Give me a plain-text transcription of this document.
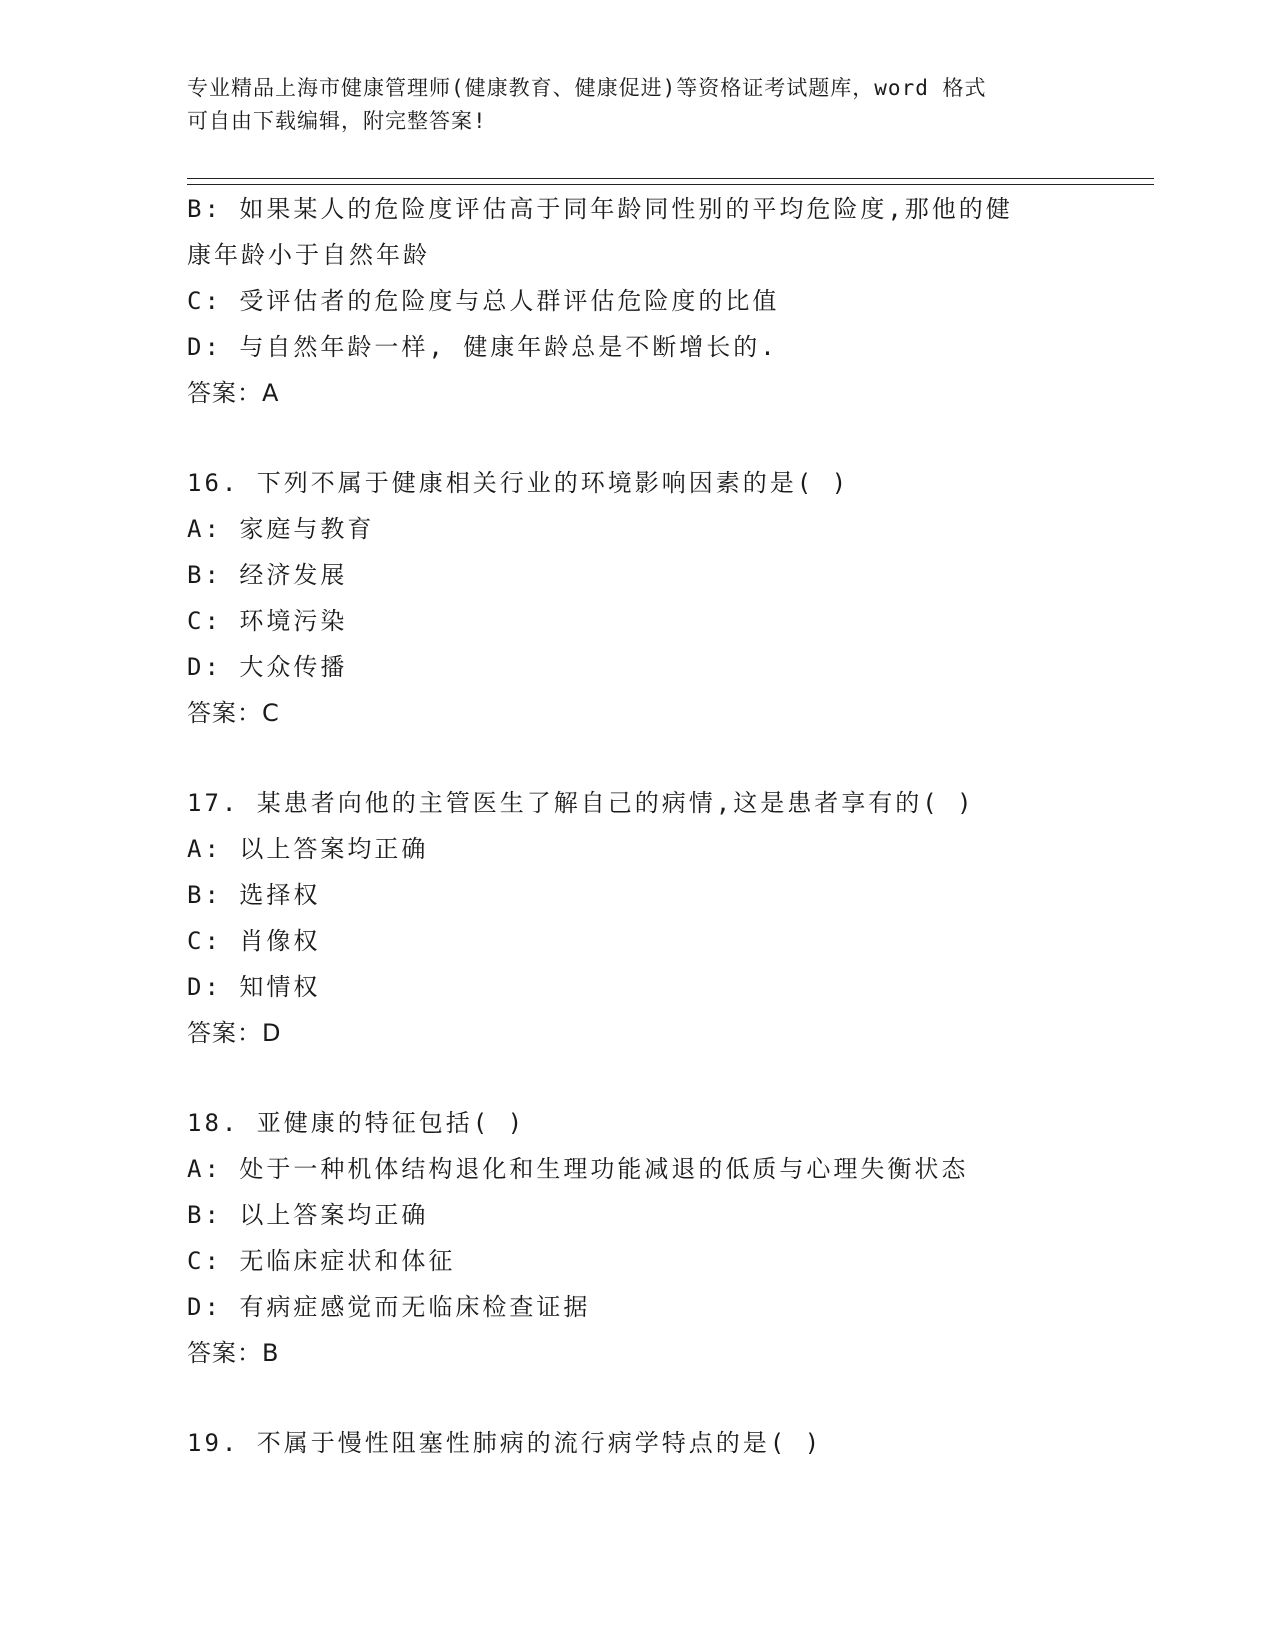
专业精品上海市健康管理师(健康教育、健康促进)等资格证考试题库，word 格式
可自由下载编辑，附完整答案!
B: 如果某人的危险度评估高于同年龄同性别的平均危险度,那他的健
康年龄小于自然年龄
C: 受评估者的危险度与总人群评估危险度的比值
D: 与自然年龄一样, 健康年龄总是不断增长的.
答案：A
16. 下列不属于健康相关行业的环境影响因素的是( )
A: 家庭与教育
B: 经济发展
C: 环境污染
D: 大众传播
答案：C
17. 某患者向他的主管医生了解自己的病情,这是患者享有的( )
A: 以上答案均正确
B: 选择权
C: 肖像权
D: 知情权
答案：D
18. 亚健康的特征包括( )
A: 处于一种机体结构退化和生理功能减退的低质与心理失衡状态
B: 以上答案均正确
C: 无临床症状和体征
D: 有病症感觉而无临床检查证据
答案：B
19. 不属于慢性阻塞性肺病的流行病学特点的是( )
